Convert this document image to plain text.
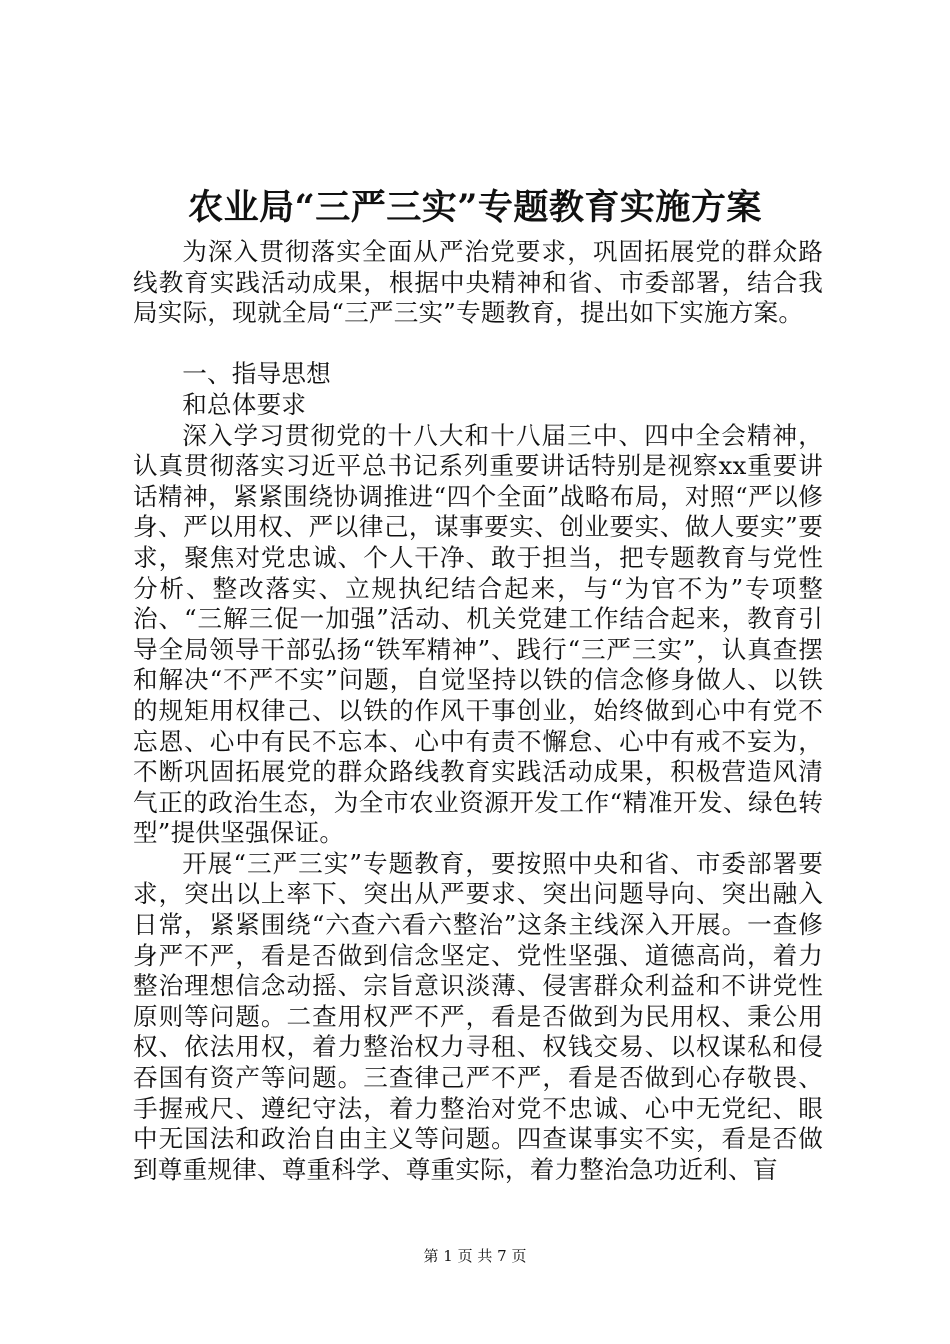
农业局“三严三实”专题教育实施方案

为深入贯彻落实全面从严治党要求，巩固拓展党的群众路线教育实践活动成果，根据中央精神和省、市委部署，结合我局实际，现就全局“三严三实”专题教育，提出如下实施方案。

一、指导思想

和总体要求

深入学习贯彻党的十八大和十八届三中、四中全会精神，认真贯彻落实习近平总书记系列重要讲话特别是视察xx重要讲话精神，紧紧围绕协调推进“四个全面”战略布局，对照“严以修身、严以用权、严以律己，谋事要实、创业要实、做人要实”要求，聚焦对党忠诚、个人干净、敢于担当，把专题教育与党性分析、整改落实、立规执纪结合起来，与“为官不为”专项整治、“三解三促一加强”活动、机关党建工作结合起来，教育引导全局领导干部弘扬“铁军精神”、践行“三严三实”，认真查摆和解决“不严不实”问题，自觉坚持以铁的信念修身做人、以铁的规矩用权律己、以铁的作风干事创业，始终做到心中有党不忘恩、心中有民不忘本、心中有责不懈怠、心中有戒不妄为，不断巩固拓展党的群众路线教育实践活动成果，积极营造风清气正的政治生态，为全市农业资源开发工作“精准开发、绿色转型”提供坚强保证。

开展“三严三实”专题教育，要按照中央和省、市委部署要求，突出以上率下、突出从严要求、突出问题导向、突出融入日常，紧紧围绕“六查六看六整治”这条主线深入开展。一查修身严不严，看是否做到信念坚定、党性坚强、道德高尚，着力整治理想信念动摇、宗旨意识淡薄、侵害群众利益和不讲党性原则等问题。二查用权严不严，看是否做到为民用权、秉公用权、依法用权，着力整治权力寻租、权钱交易、以权谋私和侵吞国有资产等问题。三查律己严不严，看是否做到心存敬畏、手握戒尺、遵纪守法，着力整治对党不忠诚、心中无党纪、眼中无国法和政治自由主义等问题。四查谋事实不实，看是否做到尊重规律、尊重科学、尊重实际，着力整治急功近利、盲

第 1 页 共 7 页
